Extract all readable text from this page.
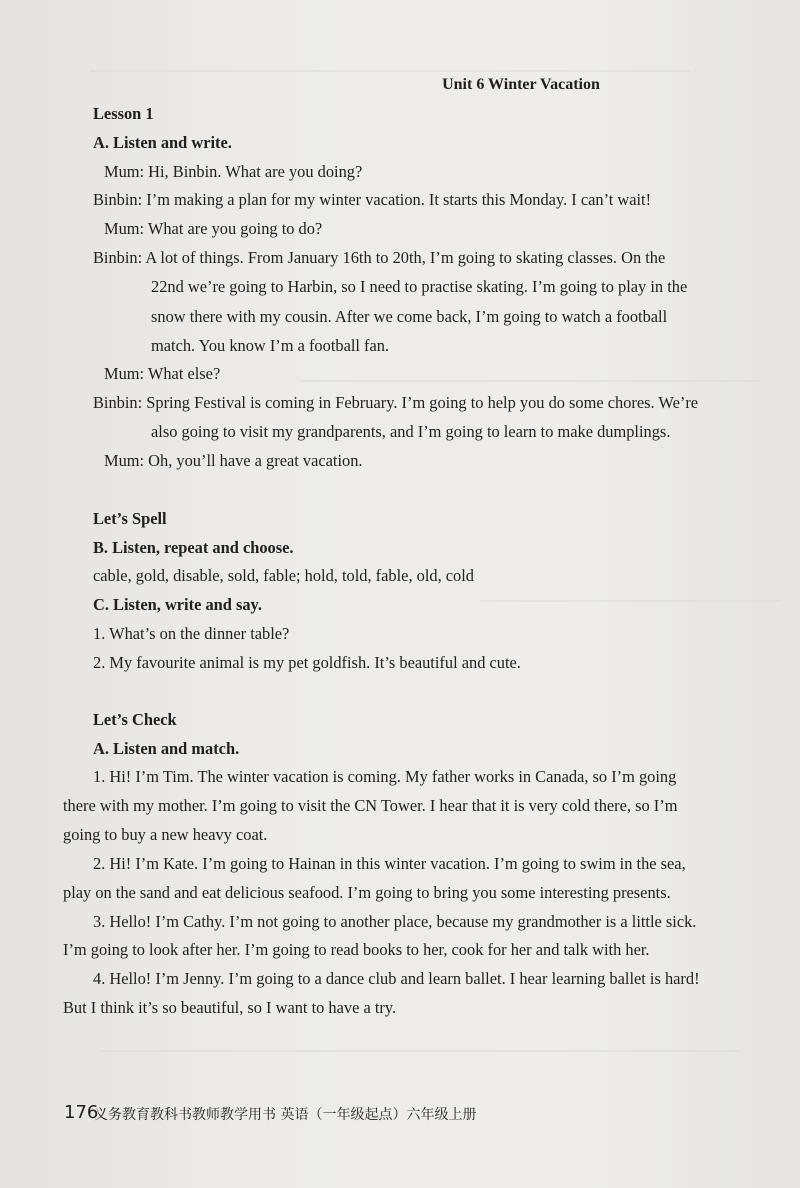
Unit 6 Winter Vacation
Lesson 1
A. Listen and write.
Mum: Hi, Binbin. What are you doing?
Binbin: I’m making a plan for my winter vacation. It starts this Monday. I can’t wait!
Mum: What are you going to do?
Binbin: A lot of things. From January 16th to 20th, I’m going to skating classes. On the
22nd we’re going to Harbin, so I need to practise skating. I’m going to play in the
snow there with my cousin. After we come back, I’m going to watch a football
match. You know I’m a football fan.
Mum: What else?
Binbin: Spring Festival is coming in February. I’m going to help you do some chores. We’re
also going to visit my grandparents, and I’m going to learn to make dumplings.
Mum: Oh, you’ll have a great vacation.
Let’s Spell
B. Listen, repeat and choose.
cable, gold, disable, sold, fable; hold, told, fable, old, cold
C. Listen, write and say.
1. What’s on the dinner table?
2. My favourite animal is my pet goldfish. It’s beautiful and cute.
Let’s Check
A. Listen and match.
1. Hi! I’m Tim. The winter vacation is coming. My father works in Canada, so I’m going
there with my mother. I’m going to visit the CN Tower. I hear that it is very cold there, so I’m
going to buy a new heavy coat.
2. Hi! I’m Kate. I’m going to Hainan in this winter vacation. I’m going to swim in the sea,
play on the sand and eat delicious seafood. I’m going to bring you some interesting presents.
3. Hello! I’m Cathy. I’m not going to another place, because my grandmother is a little sick.
I’m going to look after her. I’m going to read books to her, cook for her and talk with her.
4. Hello! I’m Jenny. I’m going to a dance club and learn ballet. I hear learning ballet is hard!
But I think it’s so beautiful, so I want to have a try.
176
义务教育教科书教师教学用书 英语（一年级起点）六年级上册
